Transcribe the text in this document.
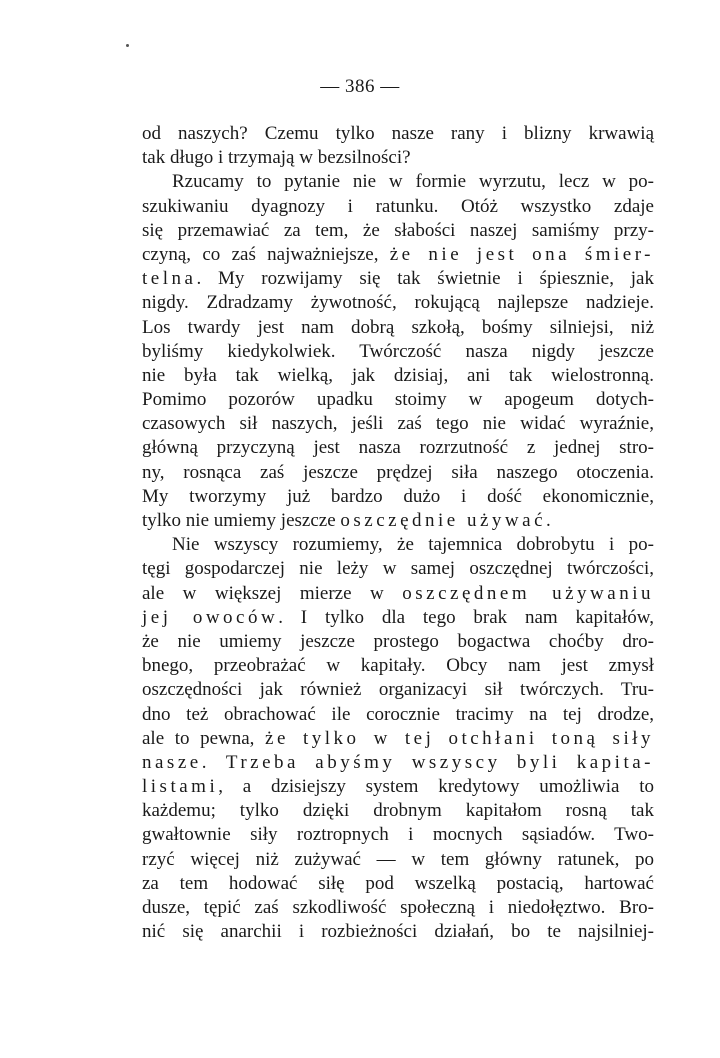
— 386 —
od naszych? Czemu tylko nasze rany i blizny krwawią
tak długo i trzymają w bezsilności?
Rzucamy to pytanie nie w formie wyrzutu, lecz w po-
szukiwaniu dyagnozy i ratunku. Otóż wszystko zdaje
się przemawiać za tem, że słabości naszej samiśmy przy-
czyną, co zaś najważniejsze, że nie jest ona śmier-
telna. My rozwijamy się tak świetnie i śpiesznie, jak
nigdy. Zdradzamy żywotność, rokującą najlepsze nadzieje.
Los twardy jest nam dobrą szkołą, bośmy silniejsi, niż
byliśmy kiedykolwiek. Twórczość nasza nigdy jeszcze
nie była tak wielką, jak dzisiaj, ani tak wielostronną.
Pomimo pozorów upadku stoimy w apogeum dotych-
czasowych sił naszych, jeśli zaś tego nie widać wyraźnie,
główną przyczyną jest nasza rozrzutność z jednej stro-
ny, rosnąca zaś jeszcze prędzej siła naszego otoczenia.
My tworzymy już bardzo dużo i dość ekonomicznie,
tylko nie umiemy jeszcze oszczędnie używać.
Nie wszyscy rozumiemy, że tajemnica dobrobytu i po-
tęgi gospodarczej nie leży w samej oszczędnej twórczości,
ale w większej mierze w oszczędnem używaniu
jej owoców. I tylko dla tego brak nam kapitałów,
że nie umiemy jeszcze prostego bogactwa choćby dro-
bnego, przeobrażać w kapitały. Obcy nam jest zmysł
oszczędności jak również organizacyi sił twórczych. Tru-
dno też obrachować ile corocznie tracimy na tej drodze,
ale to pewna, że tylko w tej otchłani toną siły
nasze. Trzeba abyśmy wszyscy byli kapita-
listami, a dzisiejszy system kredytowy umożliwia to
każdemu; tylko dzięki drobnym kapitałom rosną tak
gwałtownie siły roztropnych i mocnych sąsiadów. Two-
rzyć więcej niż zużywać — w tem główny ratunek, po
za tem hodować siłę pod wszelką postacią, hartować
dusze, tępić zaś szkodliwość społeczną i niedołęztwo. Bro-
nić się anarchii i rozbieżności działań, bo te najsilniej-
